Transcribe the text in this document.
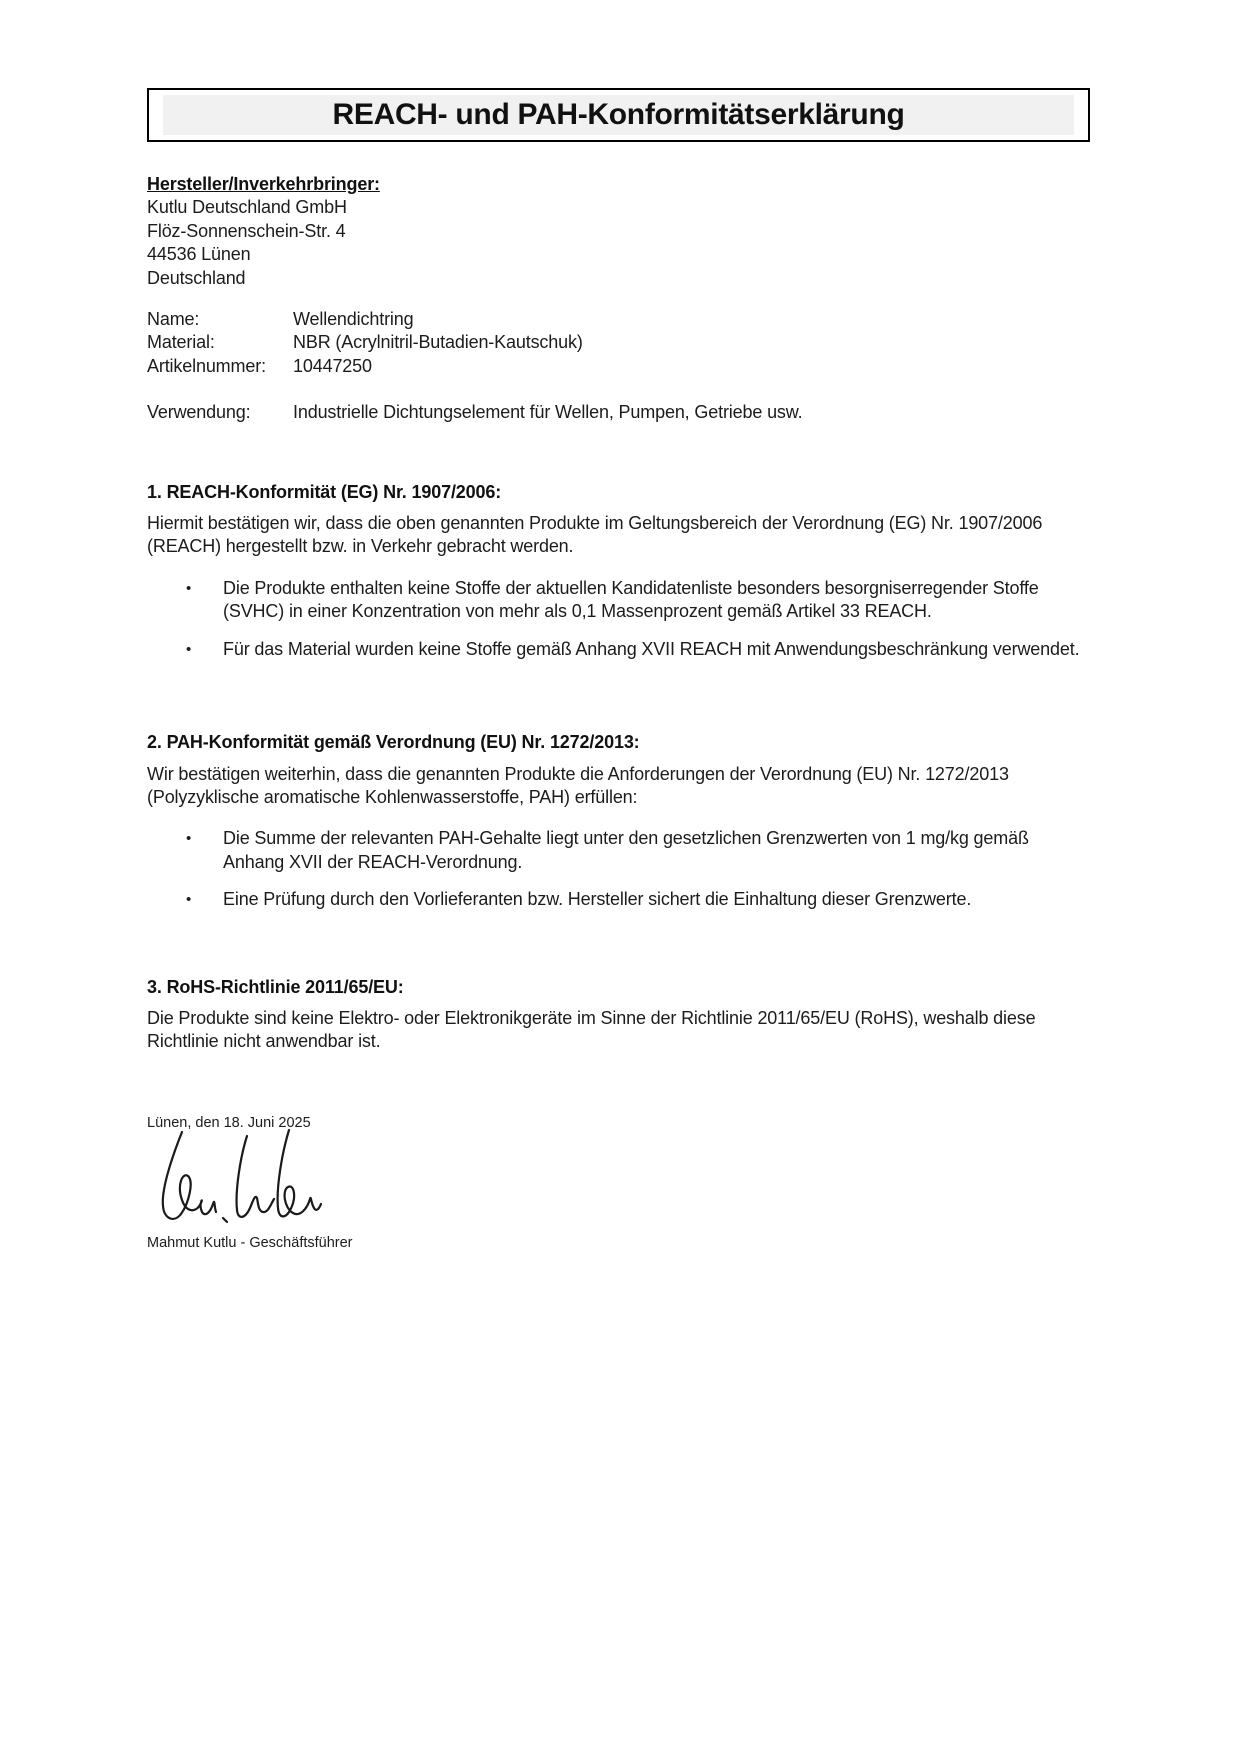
REACH- und PAH-Konformitätserklärung
Hersteller/Inverkehrbringer:
Kutlu Deutschland GmbH
Flöz-Sonnenschein-Str. 4
44536 Lünen
Deutschland
Name:	Wellendichtring
Material:	NBR (Acrylnitril-Butadien-Kautschuk)
Artikelnummer:	10447250
Verwendung:	Industrielle Dichtungselement für Wellen, Pumpen, Getriebe usw.
1. REACH-Konformität (EG) Nr. 1907/2006:

Hiermit bestätigen wir, dass die oben genannten Produkte im Geltungsbereich der Verordnung (EG) Nr. 1907/2006 (REACH) hergestellt bzw. in Verkehr gebracht werden.

• Die Produkte enthalten keine Stoffe der aktuellen Kandidatenliste besonders besorgniserregender Stoffe (SVHC) in einer Konzentration von mehr als 0,1 Massenprozent gemäß Artikel 33 REACH.
• Für das Material wurden keine Stoffe gemäß Anhang XVII REACH mit Anwendungsbeschränkung verwendet.
2. PAH-Konformität gemäß Verordnung (EU) Nr. 1272/2013:

Wir bestätigen weiterhin, dass die genannten Produkte die Anforderungen der Verordnung (EU) Nr. 1272/2013 (Polyzyklische aromatische Kohlenwasserstoffe, PAH) erfüllen:

• Die Summe der relevanten PAH-Gehalte liegt unter den gesetzlichen Grenzwerten von 1 mg/kg gemäß Anhang XVII der REACH-Verordnung.
• Eine Prüfung durch den Vorlieferanten bzw. Hersteller sichert die Einhaltung dieser Grenzwerte.
3. RoHS-Richtlinie 2011/65/EU:

Die Produkte sind keine Elektro- oder Elektronikgeräte im Sinne der Richtlinie 2011/65/EU (RoHS), weshalb diese Richtlinie nicht anwendbar ist.

Lünen, den 18. Juni 2025
Mahmut Kutlu - Geschäftsführer
